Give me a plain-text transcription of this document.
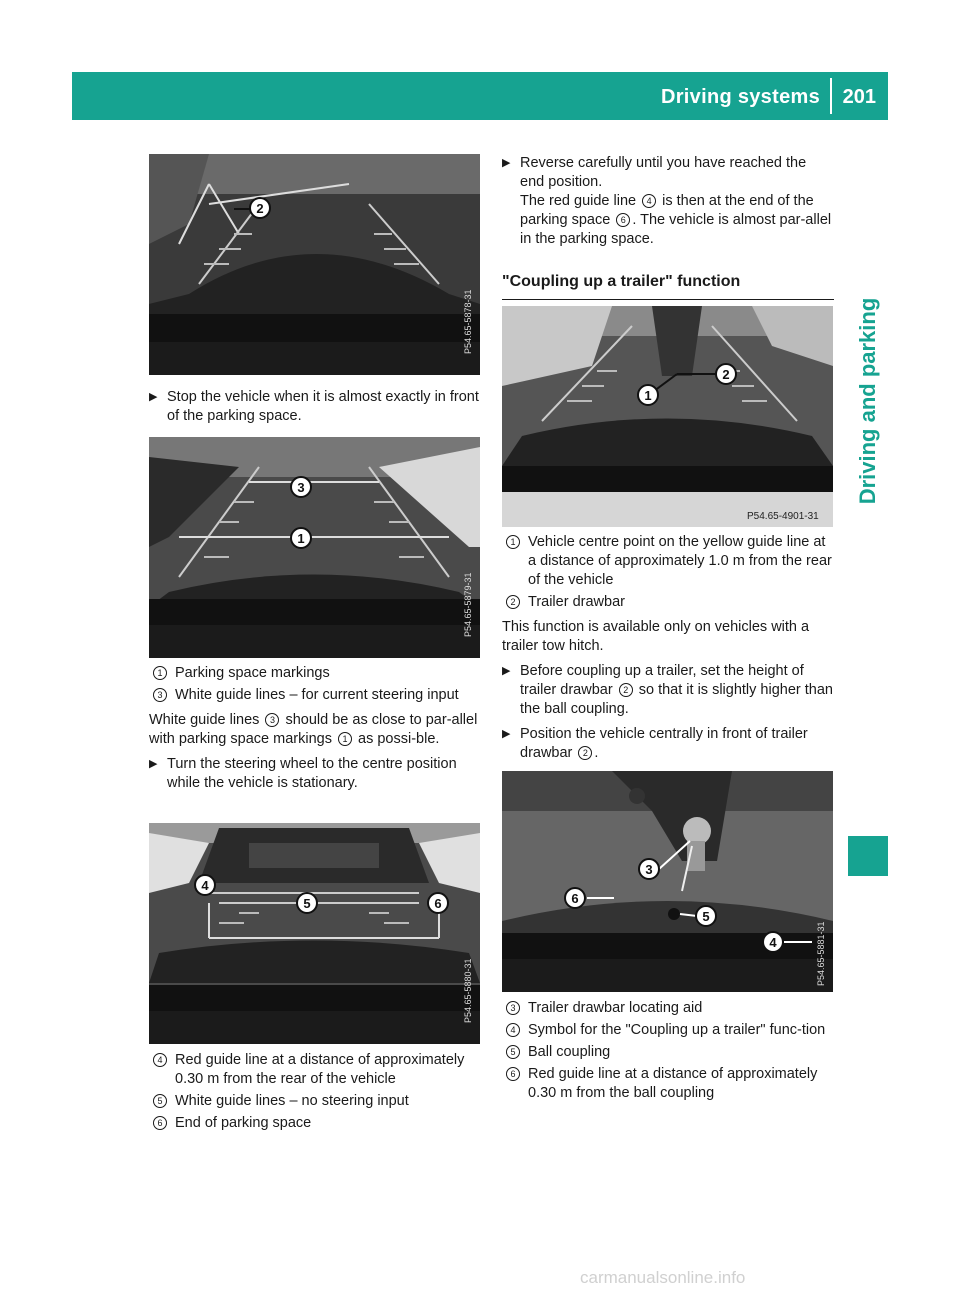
Driving systems 201
Driving and parking
2
P54.65-5878-31
▶ Stop the vehicle when it is almost exactly in front of the parking space.
3
1
P54.65-5879-31
1 Parking space markings
3 White guide lines – for current steering input

White guide lines 3 should be as close to par-allel with parking space markings 1 as possi-ble.

▶ Turn the steering wheel to the centre position while the vehicle is stationary.
4
5	6
P54.65-5880-31
4 Red guide line at a distance of approximately 0.30 m from the rear of the vehicle
5 White guide lines – no steering input
6 End of parking space
▶ Reverse carefully until you have reached the end position.
The red guide line 4 is then at the end of the parking space 6 . The vehicle is almost par-allel in the parking space.
"Coupling up a trailer" function
1
2
P54.65-4901-31
1 Vehicle centre point on the yellow guide line at a distance of approximately 1.0 m from the rear of the vehicle
2 Trailer drawbar

This function is available only on vehicles with a trailer tow hitch.

▶ Before coupling up a trailer, set the height of trailer drawbar 2 so that it is slightly higher than the ball coupling.
▶ Position the vehicle centrally in front of trailer drawbar 2 .
3
6
5
4	P54.65-5881-31
3 Trailer drawbar locating aid
4 Symbol for the "Coupling up a trailer" func-tion
5 Ball coupling
6 Red guide line at a distance of approximately 0.30 m from the ball coupling
carmanualsonline.info
